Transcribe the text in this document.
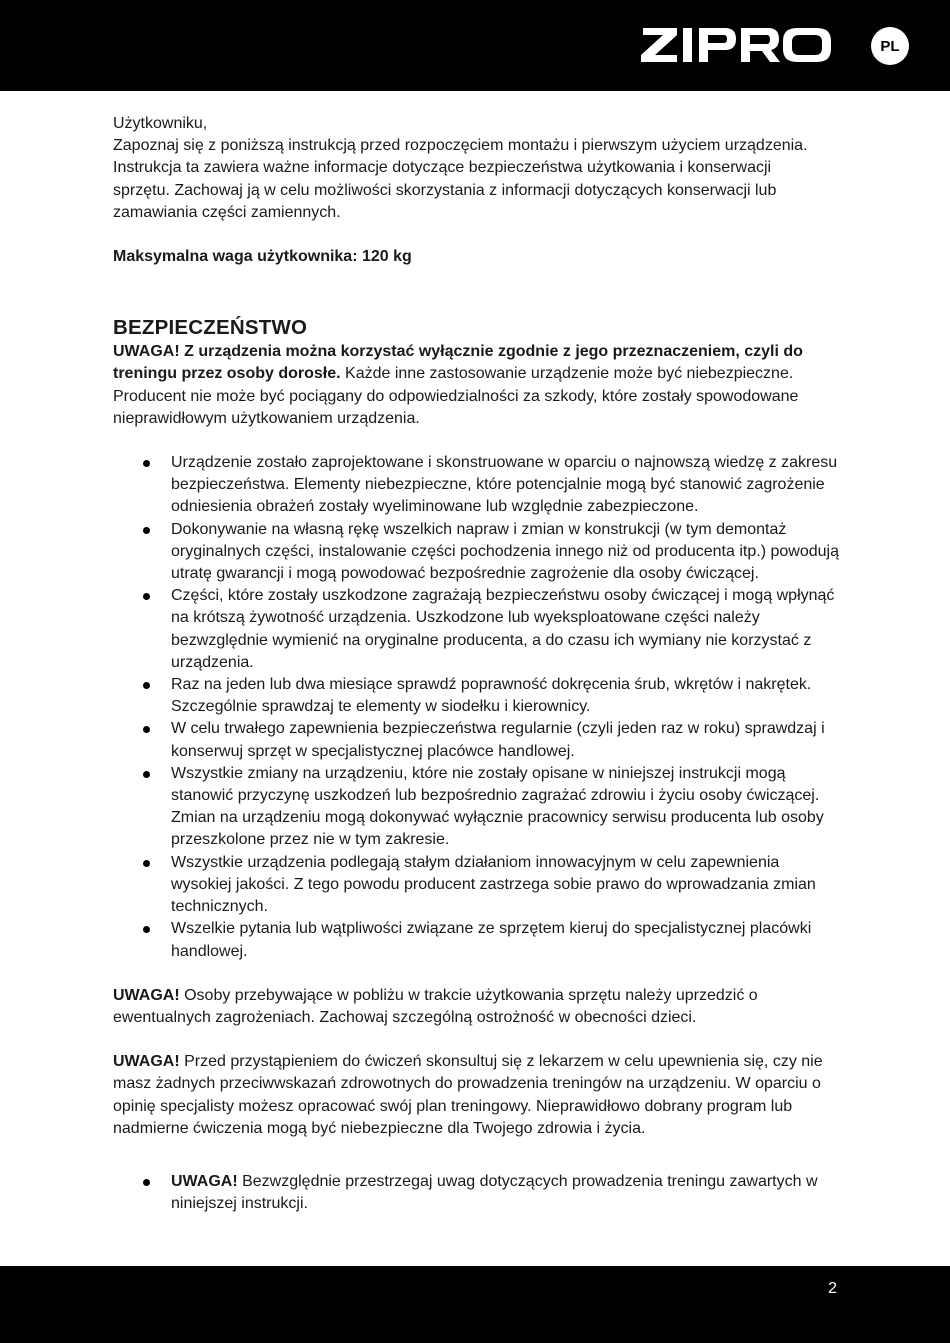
PL
Użytkowniku,
Zapoznaj się z poniższą instrukcją przed rozpoczęciem montażu i pierwszym użyciem urządzenia.
Instrukcja ta zawiera ważne informacje dotyczące bezpieczeństwa użytkowania i konserwacji
sprzętu. Zachowaj ją w celu możliwości skorzystania z informacji dotyczących konserwacji lub
zamawiania części zamiennych.

Maksymalna waga użytkownika: 120 kg

BEZPIECZEŃSTWO

UWAGA! Z urządzenia można korzystać wyłącznie zgodnie z jego przeznaczeniem, czyli do treningu przez osoby dorosłe. Każde inne zastosowanie urządzenie może być niebezpieczne. Producent nie może być pociągany do odpowiedzialności za szkody, które zostały spowodowane nieprawidłowym użytkowaniem urządzenia.

Urządzenie zostało zaprojektowane i skonstruowane w oparciu o najnowszą wiedzę z zakresu bezpieczeństwa. Elementy niebezpieczne, które potencjalnie mogą być stanowić zagrożenie odniesienia obrażeń zostały wyeliminowane lub względnie zabezpieczone.
Dokonywanie na własną rękę wszelkich napraw i zmian w konstrukcji (w tym demontaż oryginalnych części, instalowanie części pochodzenia innego niż od producenta itp.) powodują utratę gwarancji i mogą powodować bezpośrednie zagrożenie dla osoby ćwiczącej.
Części, które zostały uszkodzone zagrażają bezpieczeństwu osoby ćwiczącej i mogą wpłynąć na krótszą żywotność urządzenia. Uszkodzone lub wyeksploatowane części należy bezwzględnie wymienić na oryginalne producenta, a do czasu ich wymiany nie korzystać z urządzenia.
Raz na jeden lub dwa miesiące sprawdź poprawność dokręcenia śrub, wkrętów i nakrętek. Szczególnie sprawdzaj te elementy w siodełku i kierownicy.
W celu trwałego zapewnienia bezpieczeństwa regularnie (czyli jeden raz w roku) sprawdzaj i konserwuj sprzęt w specjalistycznej placówce handlowej.
Wszystkie zmiany na urządzeniu, które nie zostały opisane w niniejszej instrukcji mogą stanowić przyczynę uszkodzeń lub bezpośrednio zagrażać zdrowiu i życiu osoby ćwiczącej. Zmian na urządzeniu mogą dokonywać wyłącznie pracownicy serwisu producenta lub osoby przeszkolone przez nie w tym zakresie.
Wszystkie urządzenia podlegają stałym działaniom innowacyjnym w celu zapewnienia wysokiej jakości. Z tego powodu producent zastrzega sobie prawo do wprowadzania zmian technicznych.
Wszelkie pytania lub wątpliwości związane ze sprzętem kieruj do specjalistycznej placówki handlowej.

UWAGA! Osoby przebywające w pobliżu w trakcie użytkowania sprzętu należy uprzedzić o ewentualnych zagrożeniach. Zachowaj szczególną ostrożność w obecności dzieci.

UWAGA! Przed przystąpieniem do ćwiczeń skonsultuj się z lekarzem w celu upewnienia się, czy nie masz żadnych przeciwwskazań zdrowotnych do prowadzenia treningów na urządzeniu. W oparciu o opinię specjalisty możesz opracować swój plan treningowy. Nieprawidłowo dobrany program lub nadmierne ćwiczenia mogą być niebezpieczne dla Twojego zdrowia i życia.

UWAGA! Bezwzględnie przestrzegaj uwag dotyczących prowadzenia treningu zawartych w niniejszej instrukcji.
2
